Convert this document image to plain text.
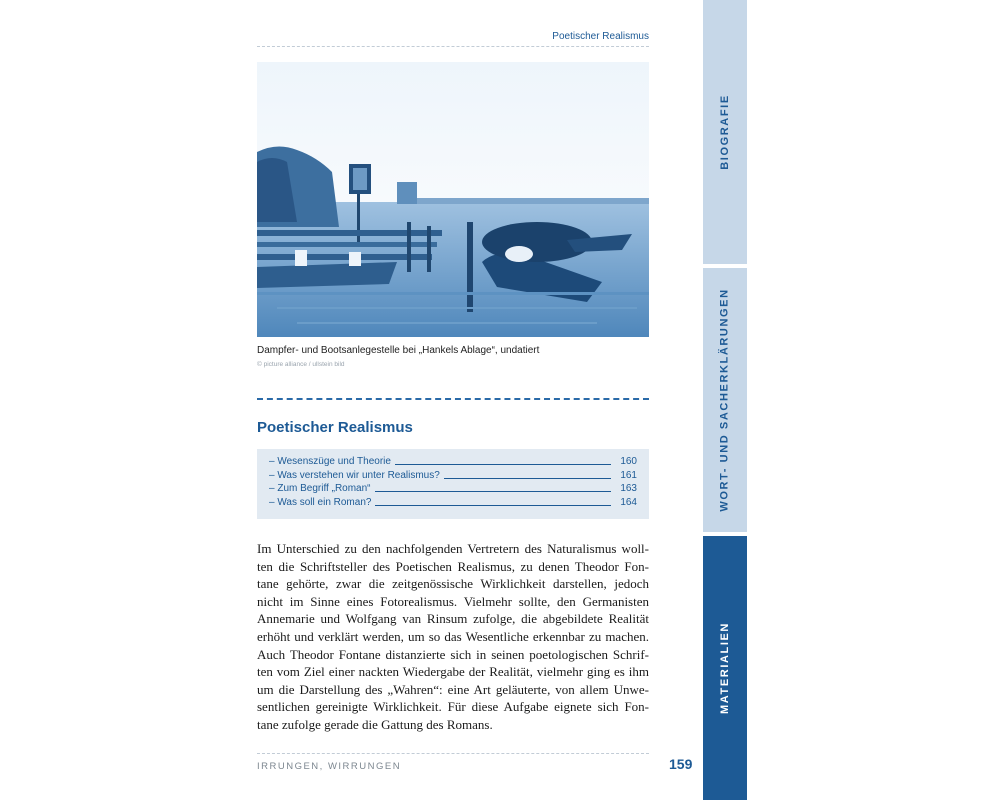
Poetischer Realismus
Dampfer- und Bootsanlegestelle bei „Hankels Ablage“, undatiert
© picture alliance / ullstein bild
Poetischer Realismus
– Wesenszüge und Theorie	160
– Was verstehen wir unter Realismus?	161
– Zum Begriff „Roman“	163
– Was soll ein Roman?	164

Im Unterschied zu den nachfolgenden Vertretern des Naturalismus woll-
ten die Schriftsteller des Poetischen Realismus, zu denen Theodor Fon-
tane gehörte, zwar die zeitgenössische Wirklichkeit darstellen, jedoch
nicht im Sinne eines Fotorealismus. Vielmehr sollte, den Germanisten
Annemarie und Wolfgang van Rinsum zufolge, die abgebildete Realität
erhöht und verklärt werden, um so das Wesentliche erkennbar zu machen.
Auch Theodor Fontane distanzierte sich in seinen poetologischen Schrif-
ten vom Ziel einer nackten Wiedergabe der Realität, vielmehr ging es ihm
um die Darstellung des „Wahren“: eine Art geläuterte, von allem Unwe-
sentlichen gereinigte Wirklichkeit. Für diese Aufgabe eignete sich Fon-
tane zufolge gerade die Gattung des Romans.

IRRUNGEN, WIRRUNGEN	159
BIOGRAFIE
WORT- UND SACHERKLÄRUNGEN
MATERIALIEN
